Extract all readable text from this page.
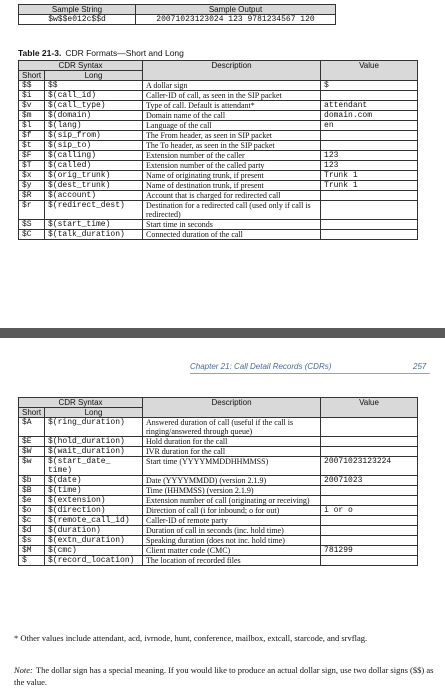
Sample String	Sample Output
$w$$e012c$$d	20071023123024 123 9781234567 120
Table 21-3. CDR Formats—Short and Long
CDR Syntax		Description	Value
Short	Long		
$$	$$	A dollar sign	$
$i	$(call_id)	Caller-ID of call, as seen in the SIP packet	
$v	$(call_type)	Type of call. Default is attendant*	attendant
$m	$(domain)	Domain name of the call	domain.com
$l	$(lang)	Language of the call	en
$f	$(sip_from)	The From header, as seen in SIP packet	
$t	$(sip_to)	The To header, as seen in the SIP packet	
$F	$(calling)	Extension number of the caller	123
$T	$(called)	Extension number of the called party	123
$x	$(orig_trunk)	Name of originating trunk, if present	Trunk 1
$y	$(dest_trunk)	Name of destination trunk, if present	Trunk 1
$R	$(account)	Account that is charged for redirected call	
$r	$(redirect_dest)	Destination for a redirected call (used only if call is redirected)	
$S	$(start_time)	Start time in seconds	
$C	$(talk_duration)	Connected duration of the call	
Chapter 21: Call Detail Records (CDRs)	257
CDR Syntax		Description	Value
Short	Long		
$A	$(ring_duration)	Answered duration of call (useful if the call is ringing/answered through queue)	
$E	$(hold_duration)	Hold duration for the call	
$W	$(wait_duration)	IVR duration for the call	
$w	$(start_date_ time)	Start time (YYYYMMDDHHMMSS)	20071023123224
$b	$(date)	Date (YYYYMMDD) (version 2.1.9)	20071023
$B	$(time)	Time (HHMMSS) (version 2.1.9)	
$e	$(extension)	Extension number of call (originating or receiving)	
$o	$(direction)	Direction of call (i for inbound; o for out)	i or o
$c	$(remote_call_id)	Caller-ID of remote party	
$d	$(duration)	Duration of call in seconds (inc. hold time)	
$s	$(extn_duration)	Speaking duration (does not inc. hold time)	
$M	$(cmc)	Client matter code (CMC)	781299
$	$(record_location)	The location of recorded files	
* Other values include attendant, acd, ivrnode, hunt, conference, mailbox, extcall, starcode, and srvflag.
Note: The dollar sign has a special meaning. If you would like to produce an actual dollar sign, use two dollar signs ($$) as the value.
